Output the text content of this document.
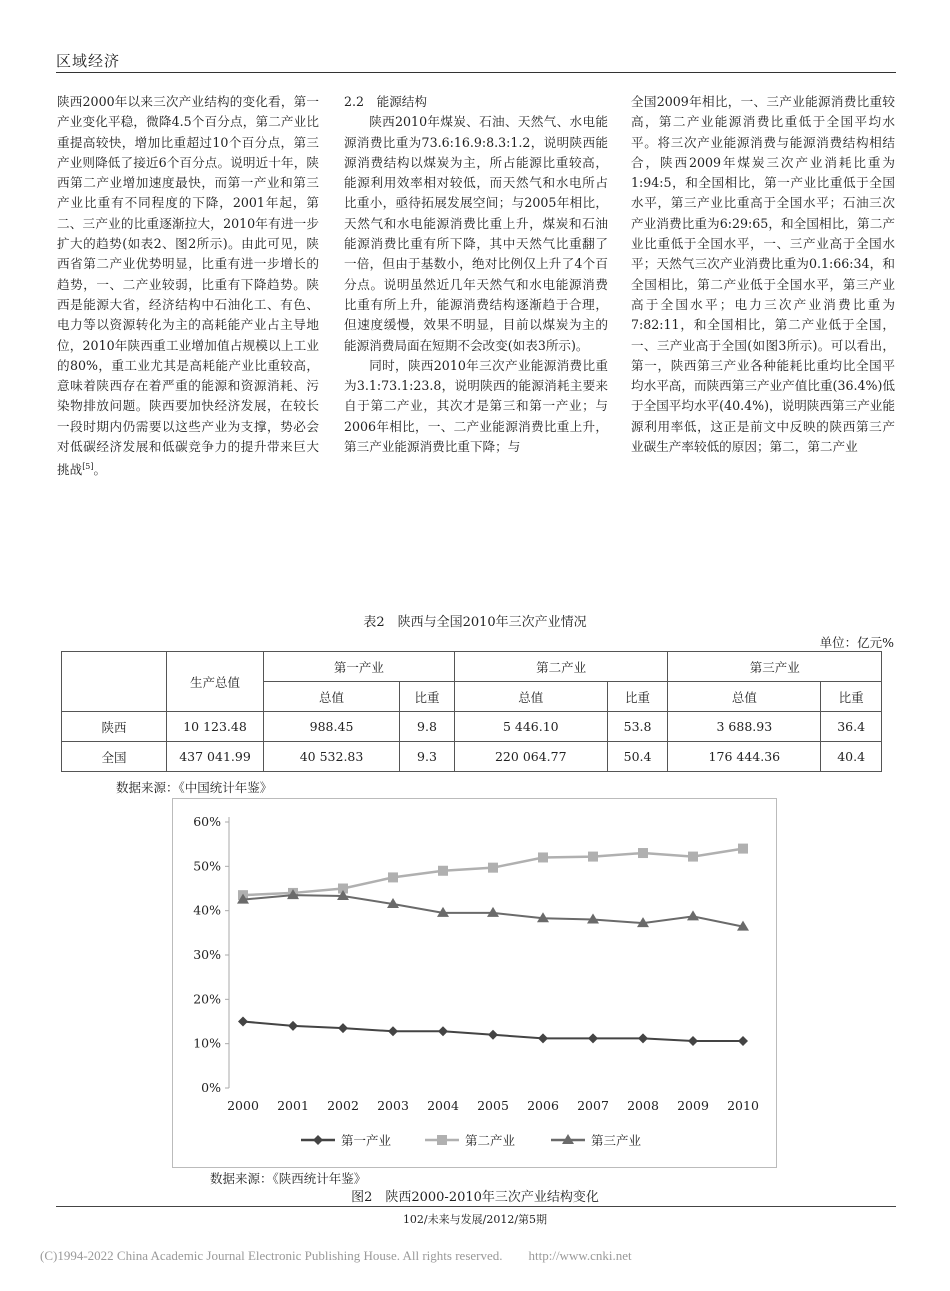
区域经济

陕西2000年以来三次产业结构的变化看，第一产业变化平稳，微降4.5个百分点，第二产业比重提高较快，增加比重超过10个百分点，第三产业则降低了接近6个百分点。说明近十年，陕西第二产业增加速度最快，而第一产业和第三产业比重有不同程度的下降，2001年起，第二、三产业的比重逐渐拉大，2010年有进一步扩大的趋势(如表2、图2所示)。由此可见，陕西省第二产业优势明显，比重有进一步增长的趋势，一、二产业较弱，比重有下降趋势。陕西是能源大省，经济结构中石油化工、有色、电力等以资源转化为主的高耗能产业占主导地位，2010年陕西重工业增加值占规模以上工业的80%，重工业尤其是高耗能产业比重较高，意味着陕西存在着严重的能源和资源消耗、污染物排放问题。陕西要加快经济发展，在较长一段时期内仍需要以这些产业为支撑，势必会对低碳经济发展和低碳竞争力的提升带来巨大挑战[5]。

2.2　能源结构

陕西2010年煤炭、石油、天然气、水电能源消费比重为73.6:16.9:8.3:1.2，说明陕西能源消费结构以煤炭为主，所占能源比重较高，能源利用效率相对较低，而天然气和水电所占比重小，亟待拓展发展空间；与2005年相比，天然气和水电能源消费比重上升，煤炭和石油能源消费比重有所下降，其中天然气比重翻了一倍，但由于基数小，绝对比例仅上升了4个百分点。说明虽然近几年天然气和水电能源消费比重有所上升，能源消费结构逐渐趋于合理，但速度缓慢，效果不明显，目前以煤炭为主的能源消费局面在短期不会改变(如表3所示)。

同时，陕西2010年三次产业能源消费比重为3.1:73.1:23.8，说明陕西的能源消耗主要来自于第二产业，其次才是第三和第一产业；与2006年相比，一、二产业能源消费比重上升，第三产业能源消费比重下降；与

全国2009年相比，一、三产业能源消费比重较高，第二产业能源消费比重低于全国平均水平。将三次产业能源消费与能源消费结构相结合，陕西2009年煤炭三次产业消耗比重为1:94:5，和全国相比，第一产业比重低于全国水平，第三产业比重高于全国水平；石油三次产业消费比重为6:29:65，和全国相比，第二产业比重低于全国水平，一、三产业高于全国水平；天然气三次产业消费比重为0.1:66:34，和全国相比，第二产业低于全国水平，第三产业高于全国水平；电力三次产业消费比重为7:82:11，和全国相比，第二产业低于全国，一、三产业高于全国(如图3所示)。可以看出，第一，陕西第三产业各种能耗比重均比全国平均水平高，而陕西第三产业产值比重(36.4%)低于全国平均水平(40.4%)，说明陕西第三产业能源利用率低，这正是前文中反映的陕西第三产业碳生产率较低的原因；第二，第二产业

表2　陕西与全国2010年三次产业情况
单位：亿元%
	生产总值	第一产业		第二产业		第三产业	
		总值	比重	总值	比重	总值	比重
陕西	10 123.48	988.45	9.8	5 446.10	53.8	3 688.93	36.4
全国	437 041.99	40 532.83	9.3	220 064.77	50.4	176 444.36	40.4
数据来源：《中国统计年鉴》
0%
10%
20%
30%
40%
50%
60%
2000 2001 2002 2003 2004 2005 2006 2007 2008 2009 2010
第一产业	第二产业	第三产业
数据来源：《陕西统计年鉴》
图2　陕西2000-2010年三次产业结构变化
102/未来与发展/2012/第5期
(C)1994-2022 China Academic Journal Electronic Publishing House. All rights reserved.　　http://www.cnki.net
